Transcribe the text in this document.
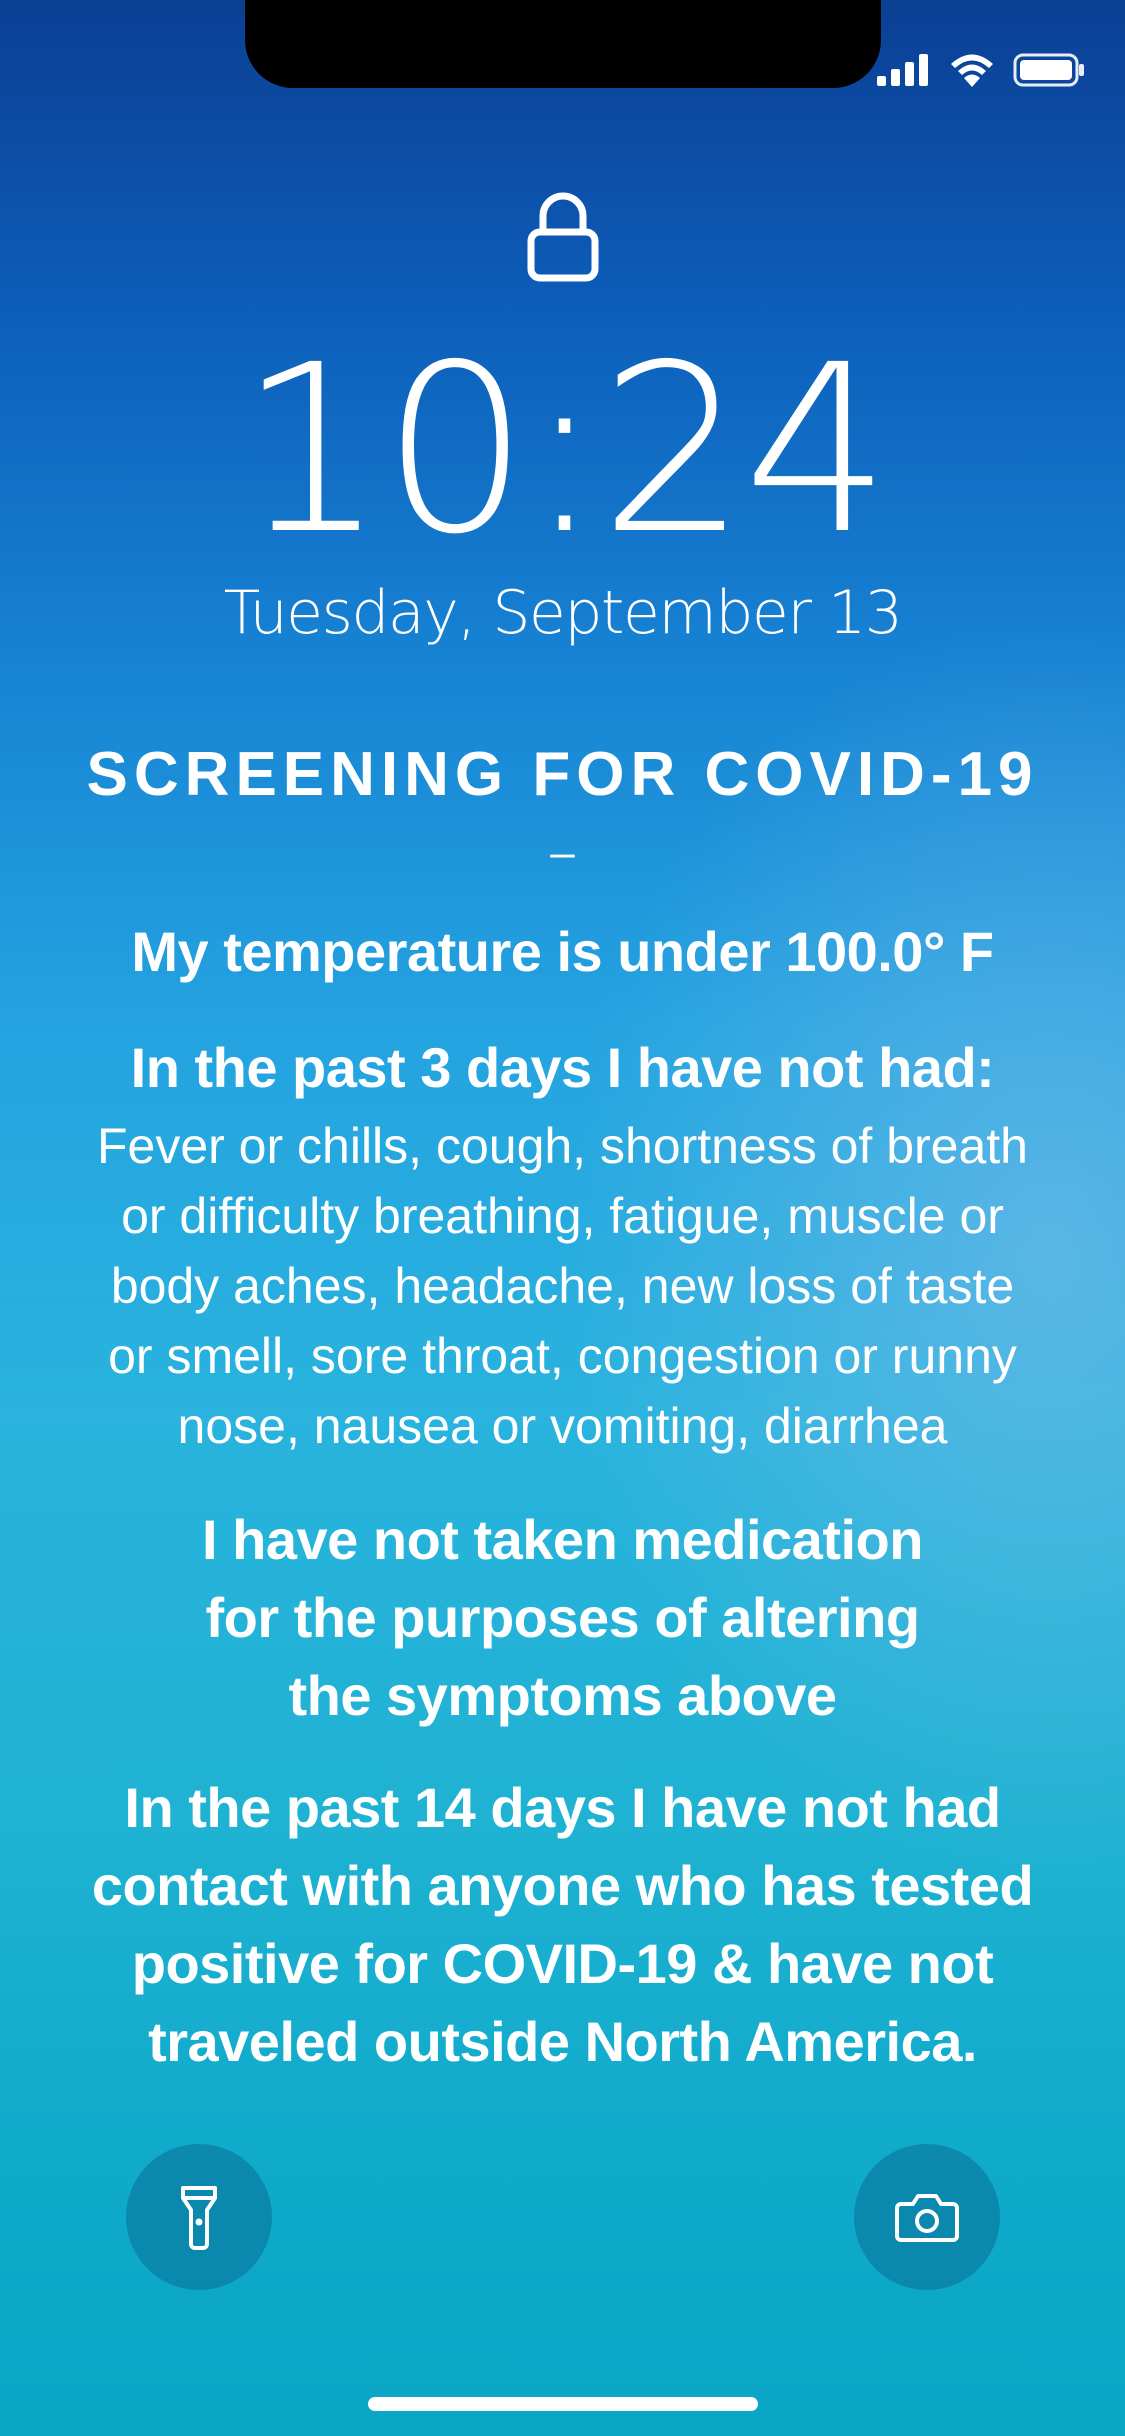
10:24
Tuesday, September 13

SCREENING FOR COVID-19

–

My temperature is under 100.0° F

In the past 3 days I have not had:

Fever or chills, cough, shortness of breath or difficulty breathing, fatigue, muscle or body aches, headache, new loss of taste or smell, sore throat, congestion or runny nose, nausea or vomiting, diarrhea

I have not taken medication for the purposes of altering the symptoms above

In the past 14 days I have not had contact with anyone who has tested positive for COVID-19 & have not traveled outside North America.
